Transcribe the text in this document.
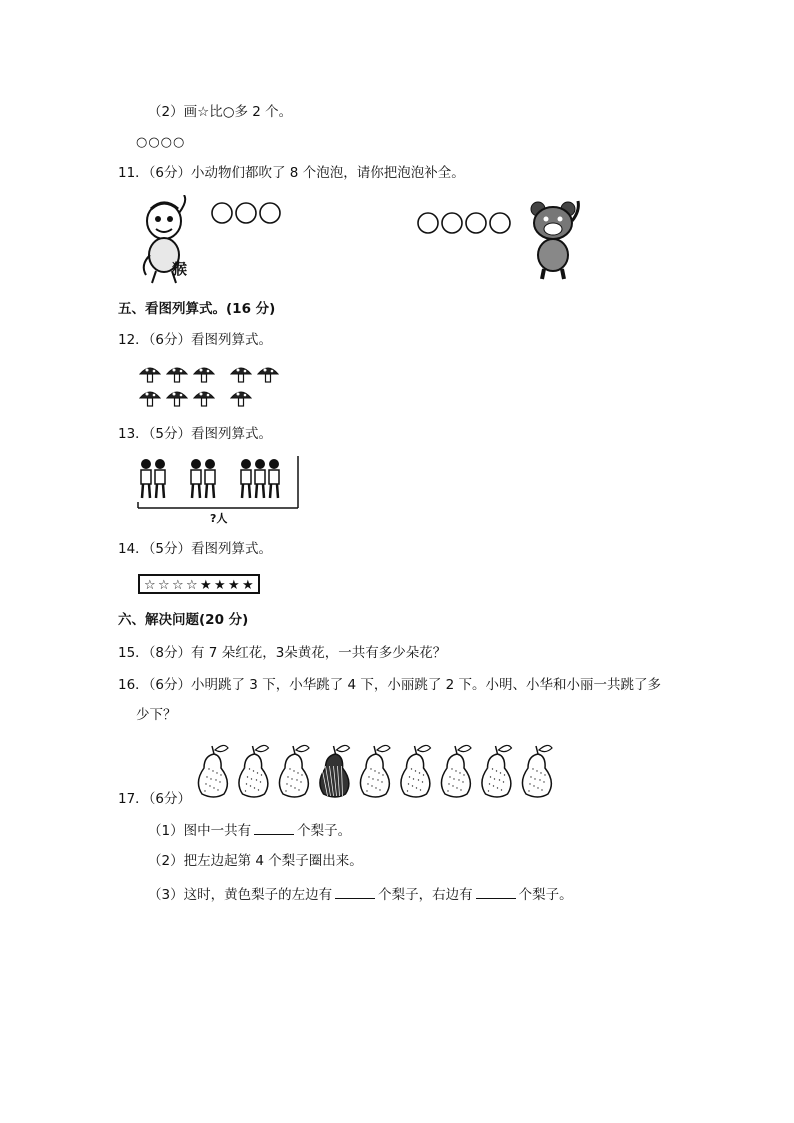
（2）画☆比○多 2 个。
○○○○
11．（6分）小动物们都吹了 8 个泡泡，请你把泡泡补全。
猴
五、看图列算式。(16 分)
12．（6分）看图列算式。
13．（5分）看图列算式。
?人
14．（5分）看图列算式。
☆ ☆ ☆ ☆ ★ ★ ★ ★
六、解决问题(20 分)
15．（8分）有 7 朵红花，3朵黄花，一共有多少朵花？
16．（6分）小明跳了 3 下，小华跳了 4 下，小丽跳了 2 下。小明、小华和小丽一共跳了多
少下？
17．（6分）
（1）图中一共有	个梨子。
（2）把左边起第 4 个梨子圈出来。
（3）这时，黄色梨子的左边有	个梨子，右边有	个梨子。
